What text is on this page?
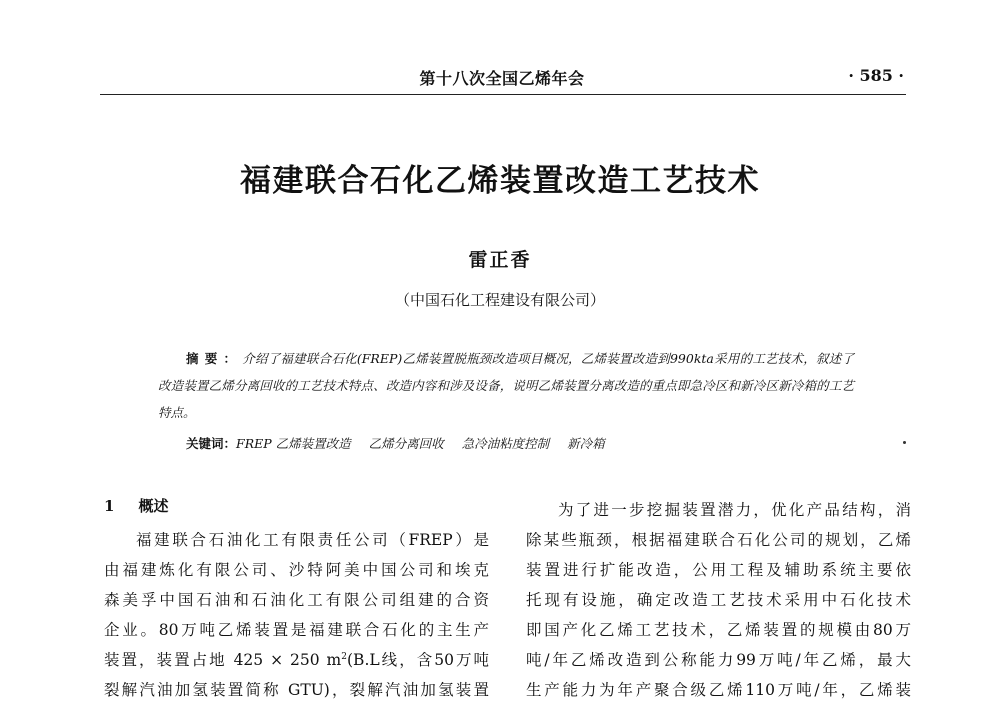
第十八次全国乙烯年会	· 585 ·
福建联合石化乙烯装置改造工艺技术
雷正香
（中国石化工程建设有限公司）

摘要：介绍了福建联合石化(FREP)乙烯装置脱瓶颈改造项目概况，乙烯装置改造到990kta采用的工艺技术，叙述了改造装置乙烯分离回收的工艺技术特点、改造内容和涉及设备，说明乙烯装置分离改造的重点即急冷区和新冷区新冷箱的工艺特点。

关键词：FREP 乙烯装置改造 乙烯分离回收 急冷油粘度控制 新冷箱

1 概述
福建联合石油化工有限责任公司（FREP）是
由福建炼化有限公司、沙特阿美中国公司和埃克
森美孚中国石油和石油化工有限公司组建的合资
企业。80万吨乙烯装置是福建联合石化的主生产
装置，装置占地 425 × 250 $m^2(B.L$线，含50万吨
裂解汽油加氢装置简称 GTU)，裂解汽油加氢装置
为了进一步挖掘装置潜力，优化产品结构，消
除某些瓶颈，根据福建联合石化公司的规划，乙烯
装置进行扩能改造，公用工程及辅助系统主要依
托现有设施，确定改造工艺技术采用中石化技术
即国产化乙烯工艺技术，乙烯装置的规模由80万
吨/年乙烯改造到公称能力99万吨/年乙烯，最大
生产能力为年产聚合级乙烯110万吨/年，乙烯装
